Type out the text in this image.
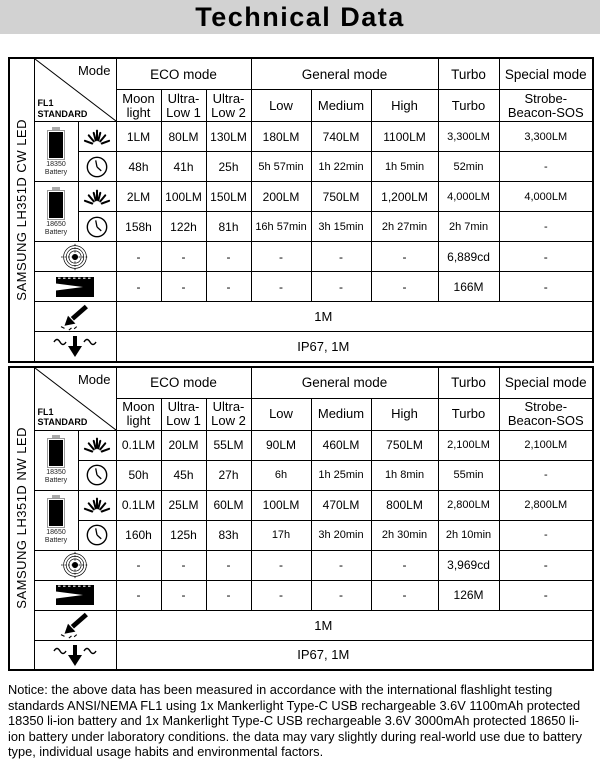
Technical Data
SAMSUNG LH351D CW LED	Mode
FL1
STANDARD		ECO mode			General mode			Turbo	Special mode
			Moon light	Ultra-Low 1	Ultra-Low 2	Low	Medium	High	Turbo	Strobe-Beacon-SOS

	18350
Battery		1LM	80LM	130LM	180LM	740LM	1100LM	3,300LM	3,300LM

	48h	41h	25h	5h 57min	1h 22min	1h 5min	52min	-

	18650
Battery		2LM	100LM	150LM	200LM	750LM	1,200LM	4,000LM	4,000LM

	158h	122h	81h	16h 57min	3h 15min	2h 27min	2h 7min	-

	-	-	-	-	-	-	6,889cd	-

	-	-	-	-	-	-	166M	-

	1M							

	IP67, 1M							
SAMSUNG LH351D NW LED	Mode
FL1
STANDARD		ECO mode			General mode			Turbo	Special mode
			Moon light	Ultra-Low 1	Ultra-Low 2	Low	Medium	High	Turbo	Strobe-Beacon-SOS

	18350
Battery		0.1LM	20LM	55LM	90LM	460LM	750LM	2,100LM	2,100LM

	50h	45h	27h	6h	1h 25min	1h 8min	55min	-

	18650
Battery		0.1LM	25LM	60LM	100LM	470LM	800LM	2,800LM	2,800LM

	160h	125h	83h	17h	3h 20min	2h 30min	2h 10min	-

	-	-	-	-	-	-	3,969cd	-

	-	-	-	-	-	-	126M	-

	1M							

	IP67, 1M							
Notice: the above data has been measured in accordance with the international flashlight testing standards ANSI/NEMA FL1 using 1x Mankerlight Type-C USB rechargeable 3.6V 1100mAh protected 18350 li-ion battery and 1x Mankerlight Type-C USB rechargeable 3.6V 3000mAh protected 18650 li-ion battery under laboratory conditions. the data may vary slightly during real-world use due to battery type, individual usage habits and environmental factors.
